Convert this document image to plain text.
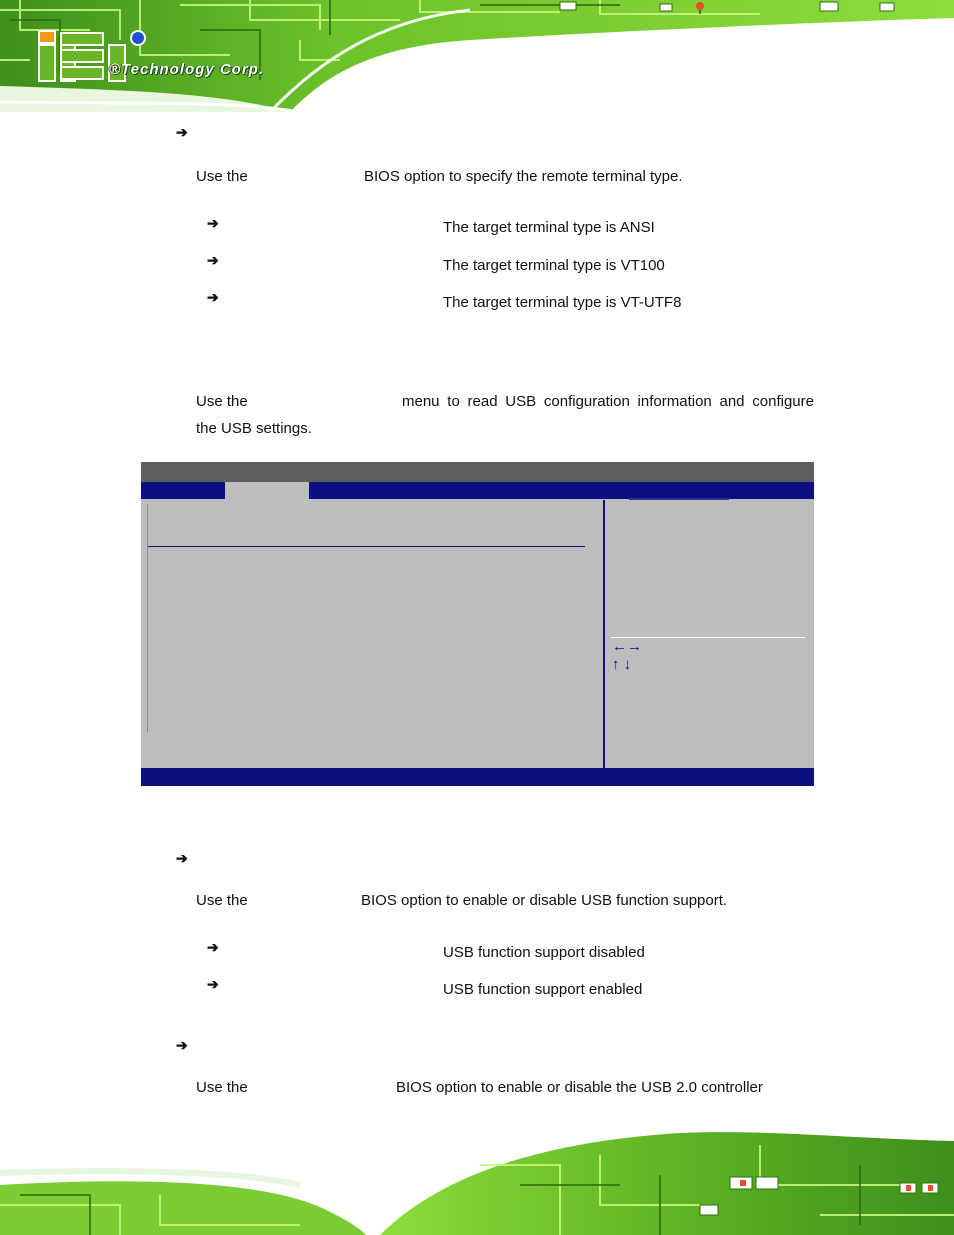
®Technology Corp.
➔
Use the	BIOS option to specify the remote terminal type.
➔	The target terminal type is ANSI
➔	The target terminal type is VT100
➔	The target terminal type is VT-UTF8
Use the	menu to read USB configuration information and configure
the USB settings.
←→
↑ ↓
➔
Use the	BIOS option to enable or disable USB function support.
➔	USB function support disabled
➔	USB function support enabled
➔
Use the	BIOS option to enable or disable the USB 2.0 controller
